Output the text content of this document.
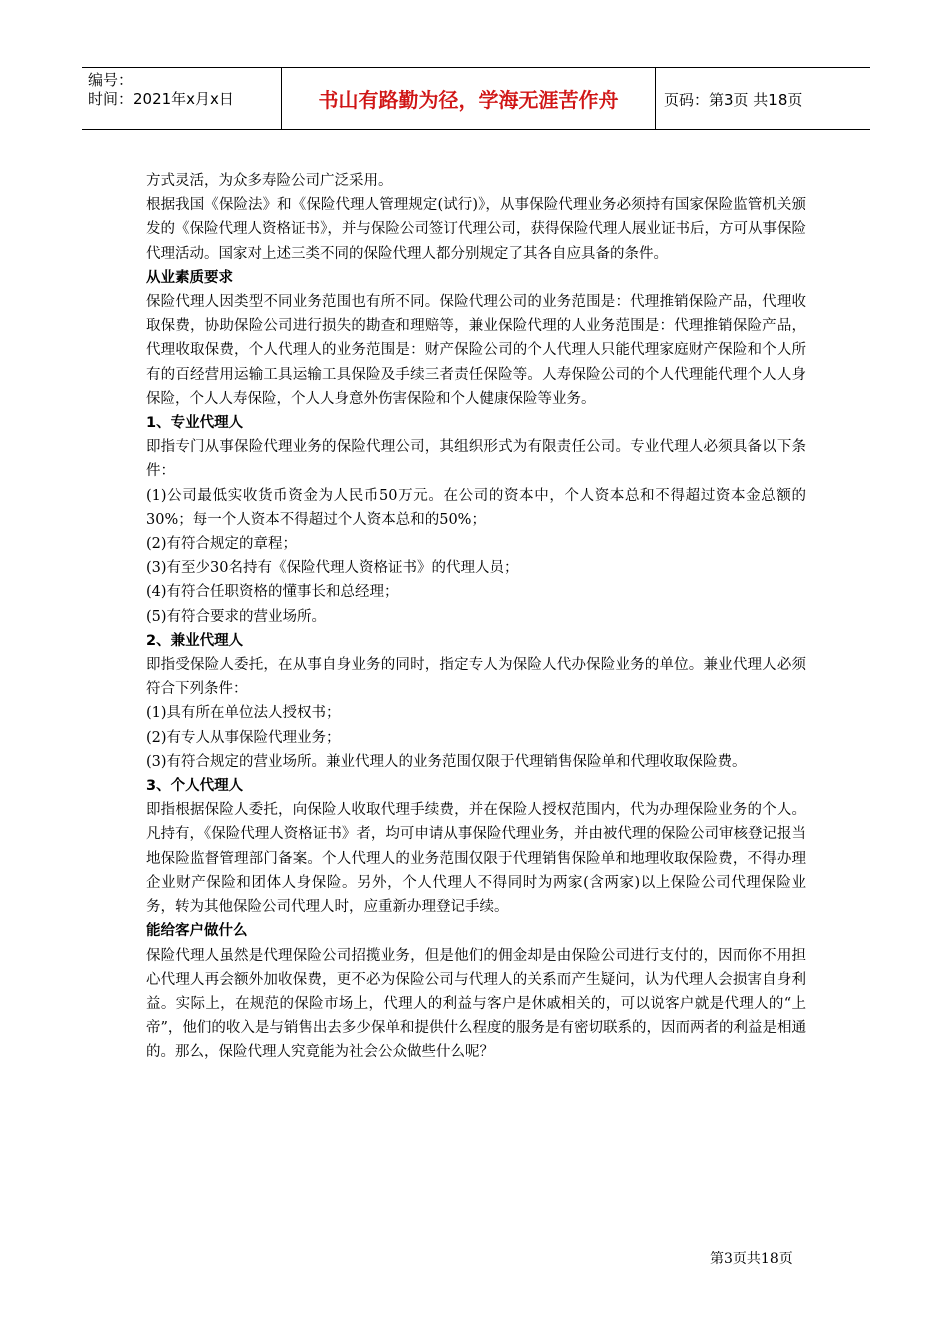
编号：
时间：2021年x月x日	书山有路勤为径，学海无涯苦作舟	页码：第3页 共18页

方式灵活，为众多寿险公司广泛采用。

根据我国《保险法》和《保险代理人管理规定(试行)》，从事保险代理业务必须持有国家保险监管机关颁发的《保险代理人资格证书》，并与保险公司签订代理公司，获得保险代理人展业证书后，方可从事保险代理活动。国家对上述三类不同的保险代理人都分别规定了其各自应具备的条件。

从业素质要求

保险代理人因类型不同业务范围也有所不同。保险代理公司的业务范围是：代理推销保险产品，代理收取保费，协助保险公司进行损失的勘查和理赔等，兼业保险代理的人业务范围是：代理推销保险产品，代理收取保费，个人代理人的业务范围是：财产保险公司的个人代理人只能代理家庭财产保险和个人所有的百经营用运输工具运输工具保险及手续三者责任保险等。人寿保险公司的个人代理能代理个人人身保险，个人人寿保险，个人人身意外伤害保险和个人健康保险等业务。

1、专业代理人

即指专门从事保险代理业务的保险代理公司，其组织形式为有限责任公司。专业代理人必须具备以下条件：

(1)公司最低实收货币资金为人民币50万元。在公司的资本中，个人资本总和不得超过资本金总额的30%；每一个人资本不得超过个人资本总和的50%；

(2)有符合规定的章程；

(3)有至少30名持有《保险代理人资格证书》的代理人员；

(4)有符合任职资格的懂事长和总经理；

(5)有符合要求的营业场所。

2、兼业代理人

即指受保险人委托，在从事自身业务的同时，指定专人为保险人代办保险业务的单位。兼业代理人必须符合下列条件：

(1)具有所在单位法人授权书；

(2)有专人从事保险代理业务；

(3)有符合规定的营业场所。兼业代理人的业务范围仅限于代理销售保险单和代理收取保险费。

3、个人代理人

即指根据保险人委托，向保险人收取代理手续费，并在保险人授权范围内，代为办理保险业务的个人。凡持有，《保险代理人资格证书》者，均可申请从事保险代理业务，并由被代理的保险公司审核登记报当地保险监督管理部门备案。个人代理人的业务范围仅限于代理销售保险单和地理收取保险费，不得办理企业财产保险和团体人身保险。另外，个人代理人不得同时为两家(含两家)以上保险公司代理保险业务，转为其他保险公司代理人时，应重新办理登记手续。

能给客户做什么

保险代理人虽然是代理保险公司招揽业务，但是他们的佣金却是由保险公司进行支付的，因而你不用担心代理人再会额外加收保费，更不必为保险公司与代理人的关系而产生疑问，认为代理人会损害自身利益。实际上，在规范的保险市场上，代理人的利益与客户是休戚相关的，可以说客户就是代理人的“上帝”，他们的收入是与销售出去多少保单和提供什么程度的服务是有密切联系的，因而两者的利益是相通的。那么，保险代理人究竟能为社会公众做些什么呢？

第3页共18页
